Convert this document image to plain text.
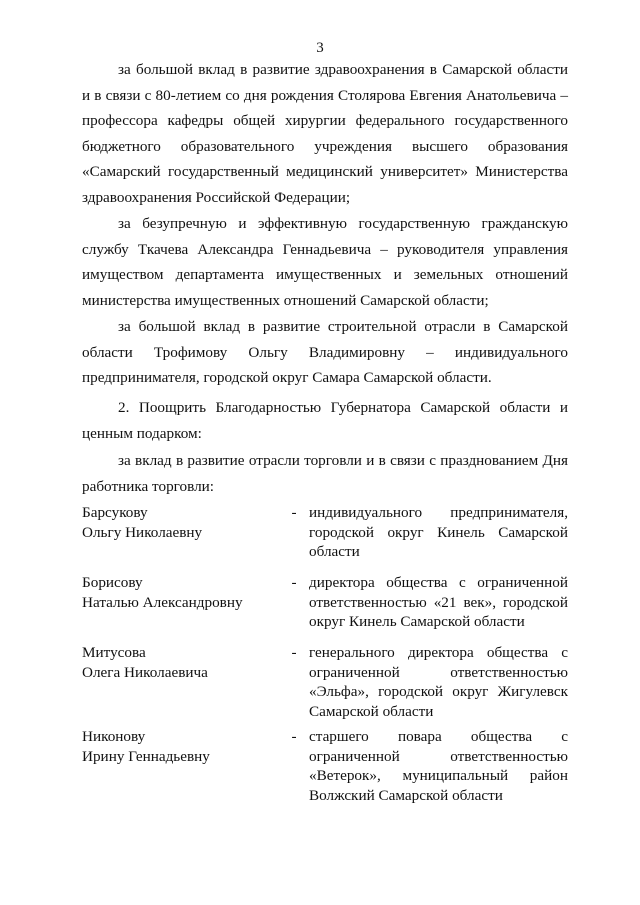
3

за большой вклад в развитие здравоохранения в Самарской области и в связи с 80-летием со дня рождения Столярова Евгения Анатольевича – профессора кафедры общей хирургии федерального государственного бюджетного образовательного учреждения высшего образования «Самарский государственный медицинский университет» Министерства здравоохранения Российской Федерации;

за безупречную и эффективную государственную гражданскую службу Ткачева Александра Геннадьевича – руководителя управления имуществом департамента имущественных и земельных отношений министерства имущественных отношений Самарской области;

за большой вклад в развитие строительной отрасли в Самарской области Трофимову Ольгу Владимировну – индивидуального предпринимателя, городской округ Самара Самарской области.

2. Поощрить Благодарностью Губернатора Самарской области и ценным подарком:

за вклад в развитие отрасли торговли и в связи с празднованием Дня работника торговли:

Барсукову
Ольгу Николаевну

- индивидуального предпринимателя, городской округ Кинель Самарской области

Борисову
Наталью Александровну

- директора общества с ограниченной ответственностью «21 век», городской округ Кинель Самарской области

Митусова
Олега Николаевича

- генерального директора общества с ограниченной ответственностью «Эльфа», городской округ Жигулевск Самарской области

Никонову
Ирину Геннадьевну

- старшего повара общества с ограниченной ответственностью «Ветерок», муниципальный район Волжский Самарской области
